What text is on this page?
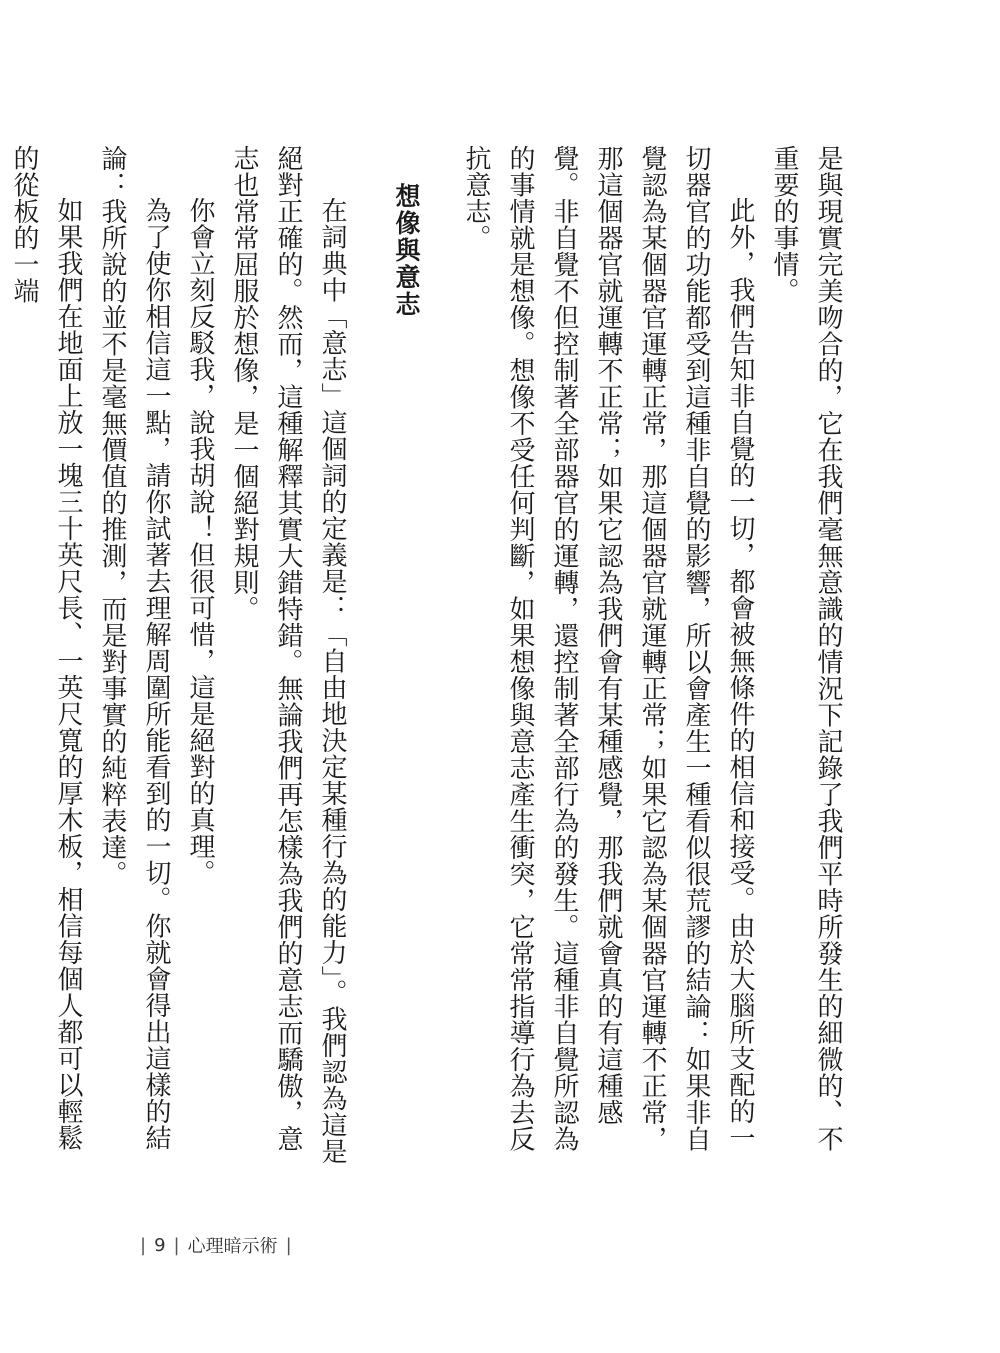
是與現實完美吻合的，它在我們毫無意識的情況下記錄了我們平時所發生的細微的、不重要的事情。

此外，我們告知非自覺的一切，都會被無條件的相信和接受。由於大腦所支配的一切器官的功能都受到這種非自覺的影響，所以會產生一種看似很荒謬的結論：如果非自覺認為某個器官運轉正常，那這個器官就運轉正常；如果它認為某個器官運轉不正常，那這個器官就運轉不正常；如果它認為我們會有某種感覺，那我們就會真的有這種感覺。非自覺不但控制著全部器官的運轉，還控制著全部行為的發生。這種非自覺所認為的事情就是想像。想像不受任何判斷，如果想像與意志產生衝突，它常常指導行為去反抗意志。

想像與意志

在詞典中「意志」這個詞的定義是：「自由地決定某種行為的能力」。我們認為這是絕對正確的。然而，這種解釋其實大錯特錯。無論我們再怎樣為我們的意志而驕傲，意志也常常屈服於想像，是一個絕對規則。

你會立刻反駁我，說我胡說！但很可惜，這是絕對的真理。

為了使你相信這一點，請你試著去理解周圍所能看到的一切。你就會得出這樣的結論：我所說的並不是毫無價值的推測，而是對事實的純粹表達。

如果我們在地面上放一塊三十英尺長、一英尺寬的厚木板，相信每個人都可以輕鬆的從板的一端

| 9 | 心理暗示術 |
